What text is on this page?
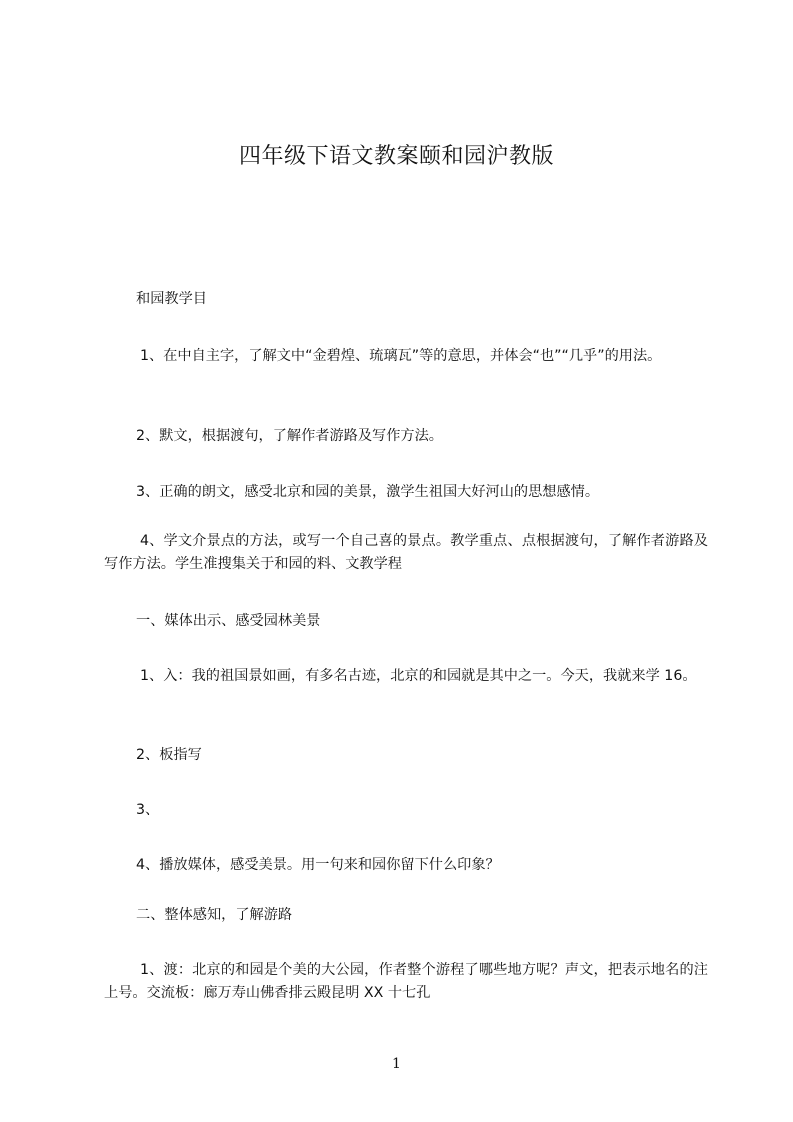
四年级下语文教案颐和园沪教版
和园教学目
1、在中自主字，了解文中“金碧煌、琉璃瓦”等的意思，并体会“也”“几乎”的用法。
2、默文，根据渡句，了解作者游路及写作方法。
3、正确的朗文，感受北京和园的美景，激学生祖国大好河山的思想感情。
4、学文介景点的方法，或写一个自己喜的景点。教学重点、点根据渡句，了解作者游路及写作方法。学生准搜集关于和园的料、文教学程
一、媒体出示、感受园林美景
1、入：我的祖国景如画，有多名古迹，北京的和园就是其中之一。今天，我就来学 16。
2、板指写
3、
4、播放媒体，感受美景。用一句来和园你留下什么印象？
二、整体感知，了解游路
1、渡：北京的和园是个美的大公园，作者整个游程了哪些地方呢？声文，把表示地名的注上号。交流板：廊万寿山佛香排云殿昆明 XX 十七孔
1
